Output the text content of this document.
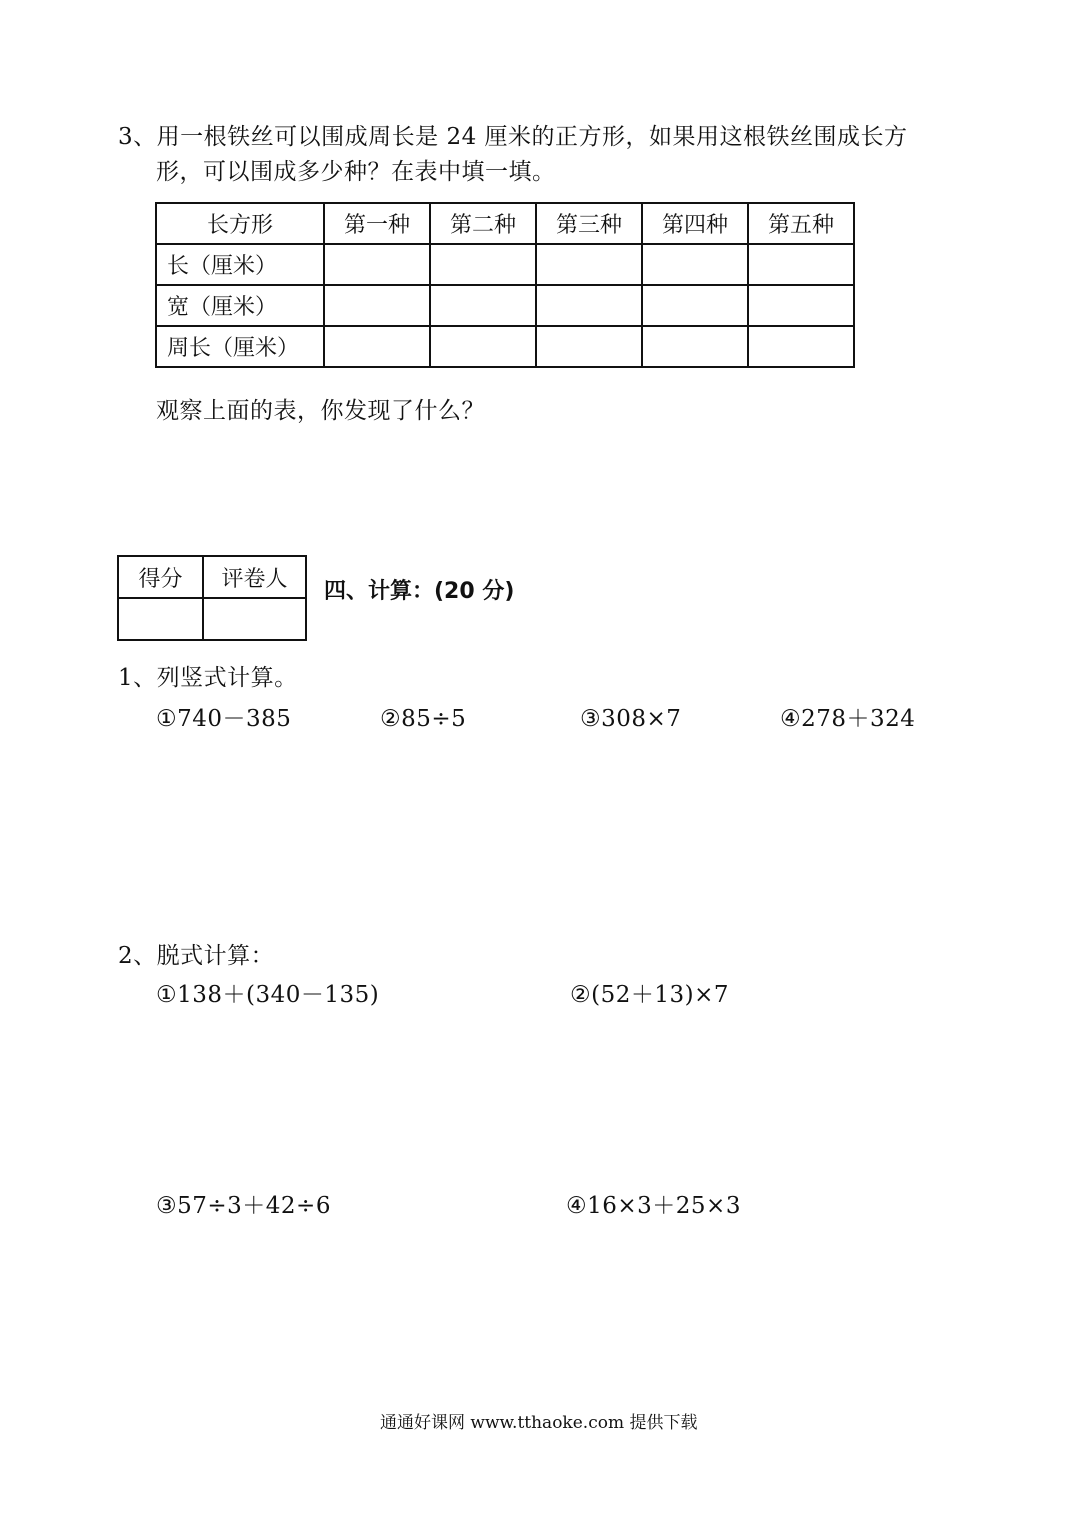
3、用一根铁丝可以围成周长是 24 厘米的正方形，如果用这根铁丝围成长方
形，可以围成多少种？在表中填一填。
长方形	第一种	第二种	第三种	第四种	第五种
长（厘米）					
宽（厘米）					
周长（厘米）					
观察上面的表，你发现了什么？
得分	评卷人
	四、计算：(20 分)
1、列竖式计算。
①740－385	②85÷5	③308×7	④278＋324
2、脱式计算：
①138＋(340－135)	②(52＋13)×7
③57÷3＋42÷6	④16×3＋25×3
通通好课网 www.tthaoke.com 提供下载
